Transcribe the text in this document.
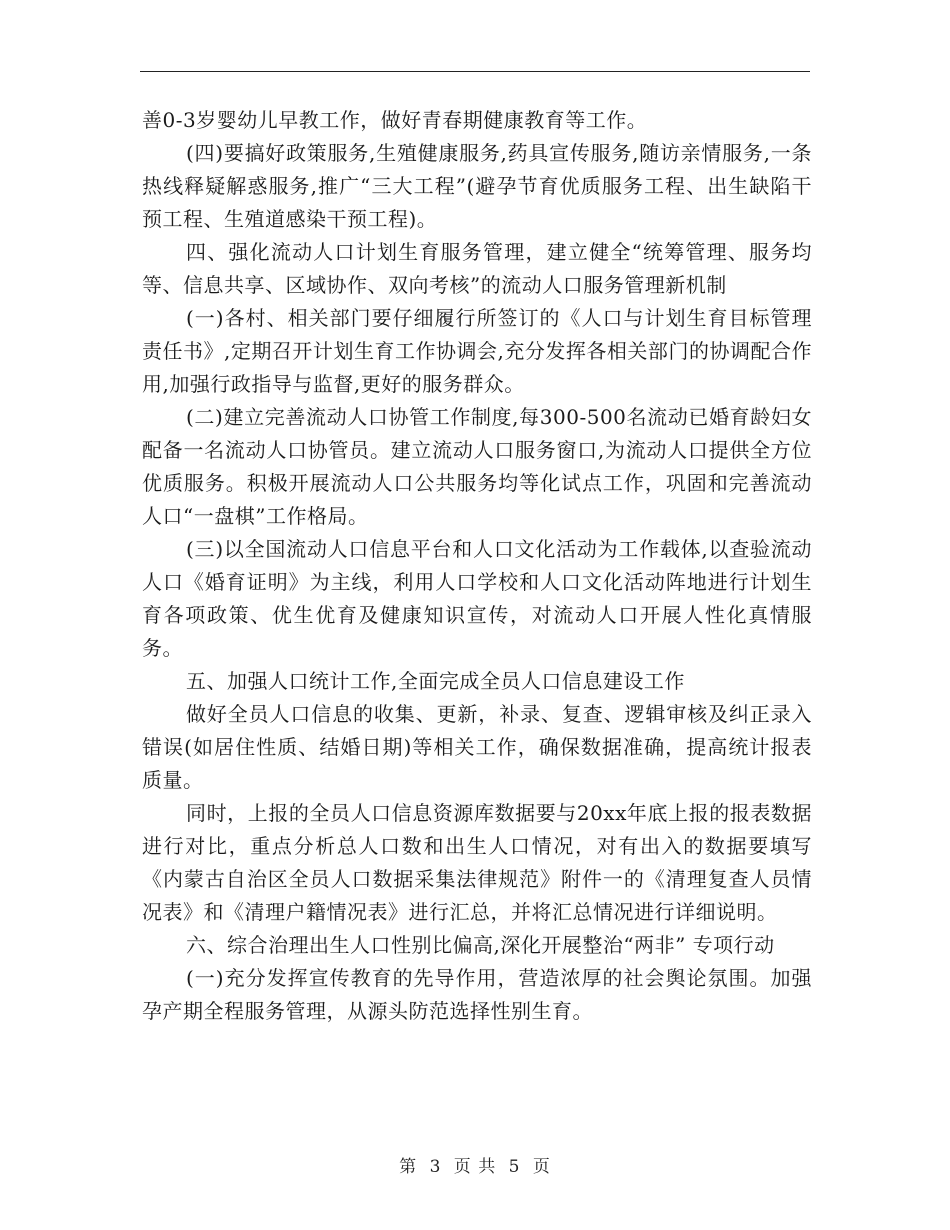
善0-3岁婴幼儿早教工作，做好青春期健康教育等工作。

(四)要搞好政策服务,生殖健康服务,药具宣传服务,随访亲情服务,一条热线释疑解惑服务,推广“三大工程”(避孕节育优质服务工程、出生缺陷干预工程、生殖道感染干预工程)。

四、强化流动人口计划生育服务管理，建立健全“统筹管理、服务均等、信息共享、区域协作、双向考核”的流动人口服务管理新机制

(一)各村、相关部门要仔细履行所签订的《人口与计划生育目标管理责任书》,定期召开计划生育工作协调会,充分发挥各相关部门的协调配合作用,加强行政指导与监督,更好的服务群众。

(二)建立完善流动人口协管工作制度,每300-500名流动已婚育龄妇女配备一名流动人口协管员。建立流动人口服务窗口,为流动人口提供全方位优质服务。积极开展流动人口公共服务均等化试点工作，巩固和完善流动人口“一盘棋”工作格局。

(三)以全国流动人口信息平台和人口文化活动为工作载体,以查验流动人口《婚育证明》为主线，利用人口学校和人口文化活动阵地进行计划生育各项政策、优生优育及健康知识宣传，对流动人口开展人性化真情服务。

五、加强人口统计工作,全面完成全员人口信息建设工作

做好全员人口信息的收集、更新，补录、复查、逻辑审核及纠正录入错误(如居住性质、结婚日期)等相关工作，确保数据准确，提高统计报表质量。

同时，上报的全员人口信息资源库数据要与20xx年底上报的报表数据进行对比，重点分析总人口数和出生人口情况，对有出入的数据要填写《内蒙古自治区全员人口数据采集法律规范》附件一的《清理复查人员情况表》和《清理户籍情况表》进行汇总，并将汇总情况进行详细说明。

六、综合治理出生人口性别比偏高,深化开展整治“两非” 专项行动

(一)充分发挥宣传教育的先导作用，营造浓厚的社会舆论氛围。加强孕产期全程服务管理，从源头防范选择性别生育。

第 3 页 共 5 页
